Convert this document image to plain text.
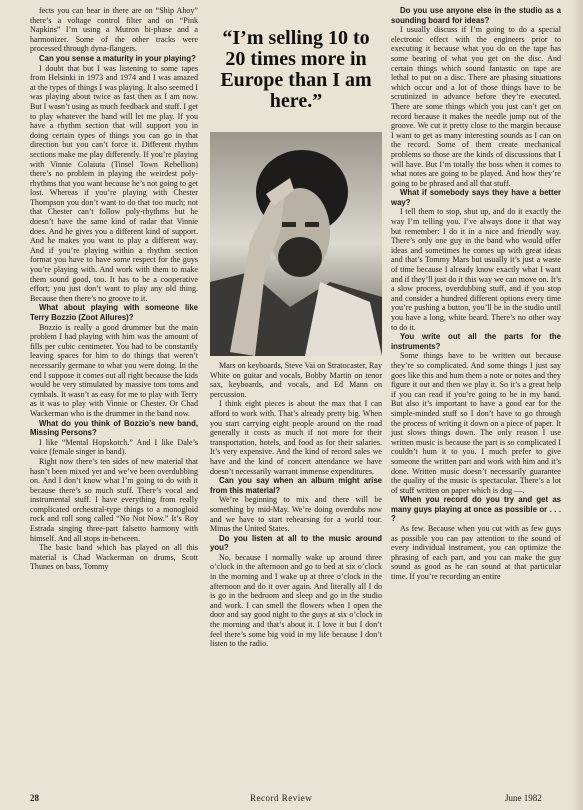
fects you can hear in there are on “Ship Ahoy” there’s a voltage control filter and on “Pink Napkins” I’m using a Mutron bi-phase and a harmonizer. Some of the other tracks were processed through dyna-flangers.

Can you sense a maturity in your playing?

I doubt that but I was listening to some tapes from Helsinki in 1973 and 1974 and I was amazed at the types of things I was playing. It also seemed I was playing about twice as fast then as I am now. But I wasn’t using as much feedback and stuff. I get to play whatever the band will let me play. If you have a rhythm section that will support you in doing certain types of things you can go in that direction but you can’t force it. Different rhythm sections make me play differently. If you’re playing with Vinnie Colaiuta (Tinsel Town Rebellion) there’s no problem in playing the weirdest poly-rhythms that you want because he’s not going to get lost. Whereas if you’re playing with Chester Thompson you don’t want to do that too much; not that Chester can’t follow poly-rhythms but he doesn’t have the same kind of radar that Vinnie does. And he gives you a different kind of support. And he makes you want to play a different way. And if you’re playing within a rhythm section format you have to have some respect for the guys you’re playing with. And work with them to make them sound good, too. It has to be a cooperative effort; you just don’t want to play any old thing. Because then there’s no groove to it.

What about playing with someone like Terry Bozzio (Zoot Allures)?

Bozzio is really a good drummer but the main problem I had playing with him was the amount of fills per cubic centimeter. You had to be constantly leaving spaces for him to do things that weren’t necessarily germane to what you were doing. In the end I suppose it comes out all right because the kids would be very stimulated by massive tom toms and cymbals. It wasn’t as easy for me to play with Terry as it was to play with Vinnie or Chester. Or Chad Wackerman who is the drummer in the band now.

What do you think of Bozzio’s new band, Missing Persons?

I like “Mental Hopskotch.” And I like Dale’s voice (female singer in band).

Right now there’s ten sides of new material that hasn’t been mixed yet and we’ve been overdubbing on. And I don’t know what I’m going to do with it because there’s so much stuff. There’s vocal and instrumental stuff. I have everything from really complicated orchestral-type things to a monogloid rock and roll song called “No Not Now.” It’s Roy Estrada singing three-part falsetto harmony with himself. And all stops in-between.

The basic band which has played on all this material is Chad Wackerman on drums, Scott Thunes on bass, Tommy

“I’m selling 10 to 20 times more in Europe than I am here.”

Mars on keyboards, Steve Vai on Stratocaster, Ray White on guitar and vocals, Bobby Martin on tenor sax, keyboards, and vocals, and Ed Mann on percussion.

I think eight pieces is about the max that I can afford to work with. That’s already pretty big. When you start carrying eight people around on the road generally it costs as much if not more for their transportation, hotels, and food as for their salaries. It’s very expensive. And the kind of record sales we have and the kind of concert attendance we have doesn’t necessarily warrant immense expenditures.

Can you say when an album might arise from this material?

We’re beginning to mix and there will be something by mid-May. We’re doing overdubs now and we have to start rehearsing for a world tour. Minus the United States.

Do you listen at all to the music around you?

No, because I normally wake up around three o’clock in the afternoon and go to bed at six o’clock in the morning and I wake up at three o’clock in the afternoon and do it over again. And literally all I do is go in the bedroom and sleep and go in the studio and work. I can smell the flowers when I open the door and say good night to the guys at six o’clock in the morning and that’s about it. I love it but I don’t feel there’s some big void in my life because I don’t listen to the radio.

Do you use anyone else in the studio as a sounding board for ideas?

I usually discuss if I’m going to do a special electronic effect with the engineers prior to executing it because what you do on the tape has some bearing of what you get on the disc. And certain things which sound fantastic on tape are lethal to put on a disc. There are phasing situations which occur and a lot of those things have to be scrutinized in advance before they’re executed. There are some things which you just can’t get on record because it makes the needle jump out of the groove. We cut it pretty close to the margin because I want to get as many interesting sounds as I can on the record. Some of them create mechanical problems so those are the kinds of discussions that I will have. But I’m totally the boss when it comes to what notes are going to be played. And how they’re going to be phrased and all that stuff.

What if somebody says they have a better way?

I tell them to stop, shut up, and do it exactly the way I’m telling you. I’ve always done it that way but remember: I do it in a nice and friendly way. There’s only one guy in the band who would offer ideas and sometimes he comes up with great ideas and that’s Tommy Mars but usually it’s just a waste of time because I already know exactly what I want and if they’ll just do it this way we can move on. It’s a slow process, overdubbing stuff, and if you stop and consider a hundred different options every time you’re pushing a button, you’ll be in the studio until you have a long, white beard. There’s no other way to do it.

You write out all the parts for the instruments?

Some things have to be written out because they’re so complicated. And some things I just say goes like this and hum them a note or notes and they figure it out and then we play it. So it’s a great help if you can read if you’re going to be in my band. But also it’s important to have a good ear for the simple-minded stuff so I don’t have to go through the process of writing it down on a piece of paper. It just slows things down. The only reason I use written music is because the part is so complicated I couldn’t hum it to you. I much prefer to give someone the written part and work with him and it’s done. Written music doesn’t necessarily guarantee the quality of the music is spectacular. There’s a lot of stuff written on paper which is dog —.

When you record do you try and get as many guys playing at once as possible or . . . ?

As few. Because when you cut with as few guys as possible you can pay attention to the sound of every individual instrument, you can optimize the phrasing of each part, and you can make the guy sound as good as he can sound at that particular time. If you’re recording an entire

28	Record Review	June 1982
